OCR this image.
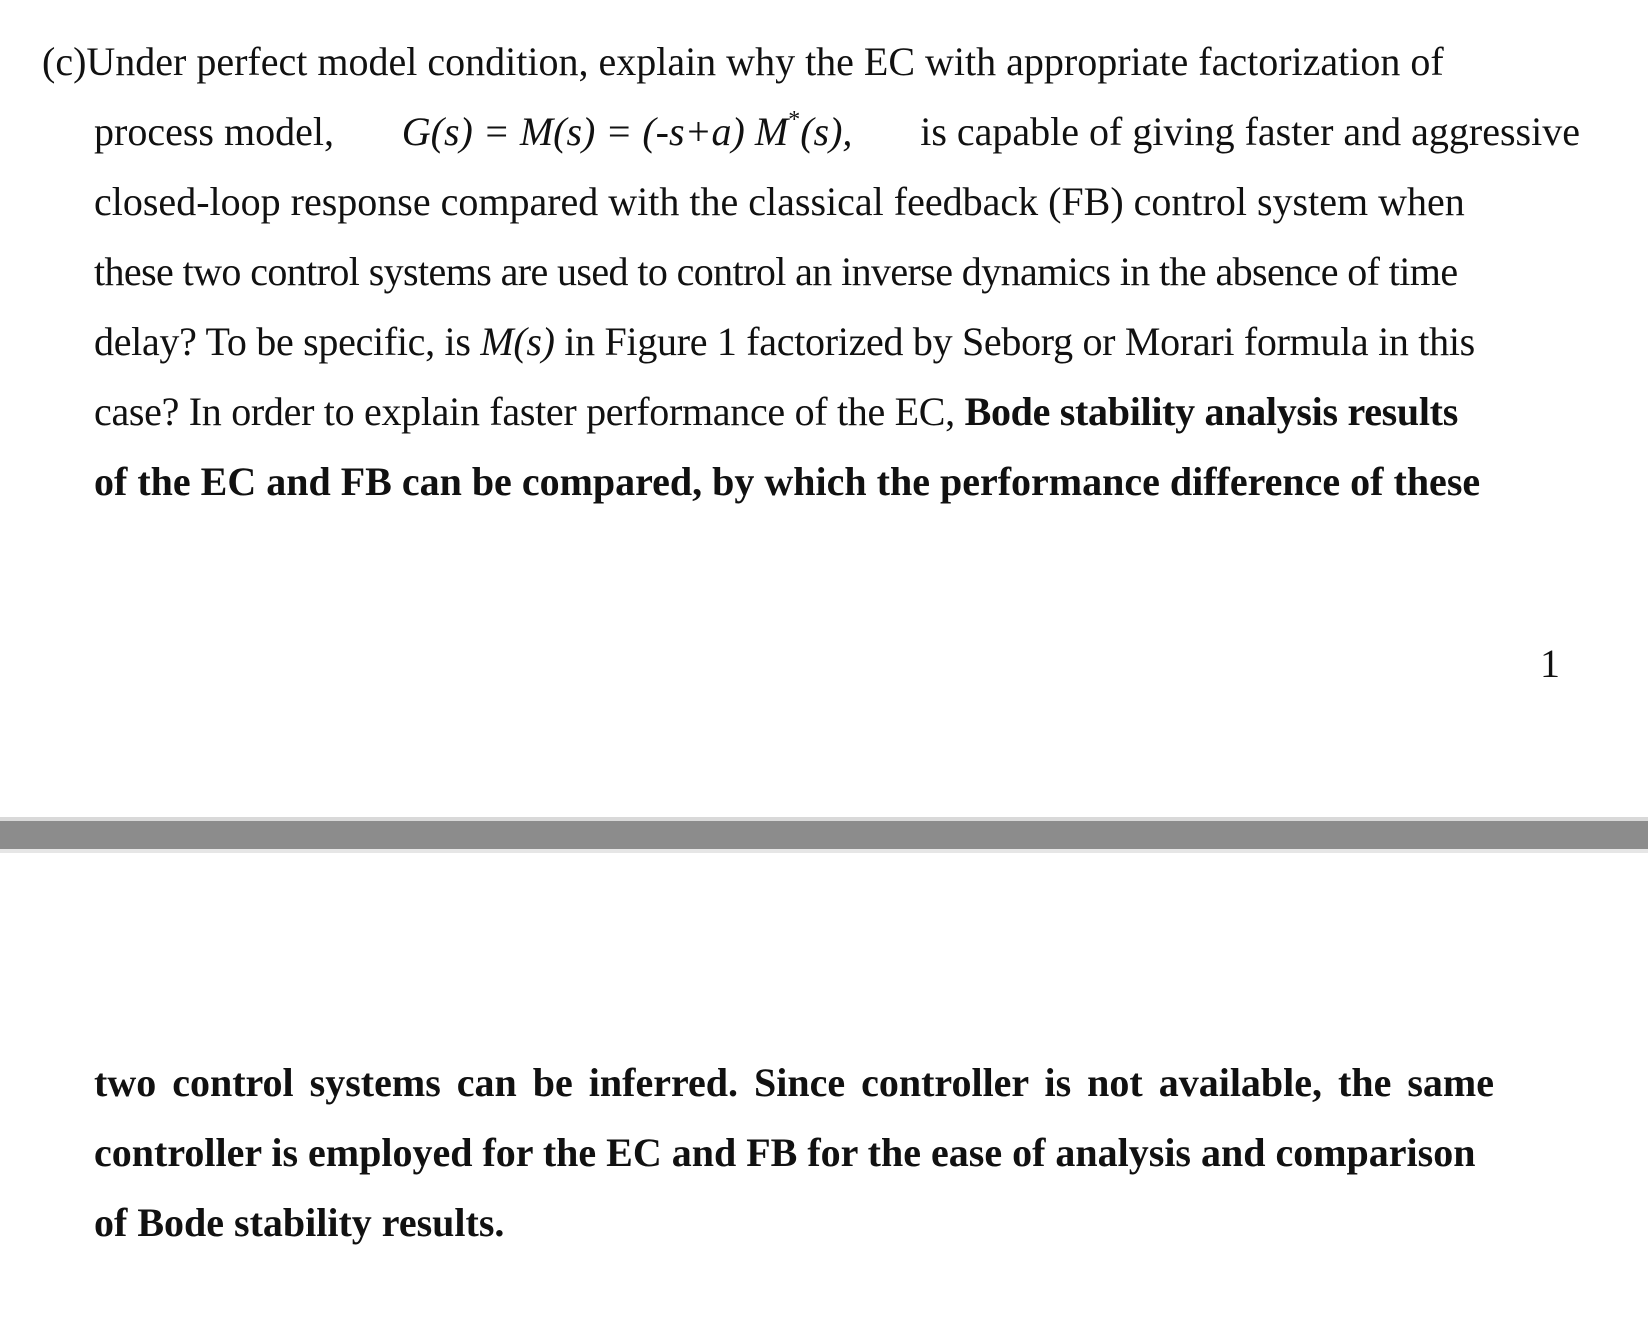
(c)Under perfect model condition, explain why the EC with appropriate factorization of
process model, G(s) = M(s) = (-s+a) M*(s), is capable of giving faster and aggressive
closed-loop response compared with the classical feedback (FB) control system when
these two control systems are used to control an inverse dynamics in the absence of time
delay? To be specific, is M(s) in Figure 1 factorized by Seborg or Morari formula in this
case? In order to explain faster performance of the EC, Bode stability analysis results
of the EC and FB can be compared, by which the performance difference of these
1
two control systems can be inferred. Since controller is not available, the same
controller is employed for the EC and FB for the ease of analysis and comparison
of Bode stability results.
